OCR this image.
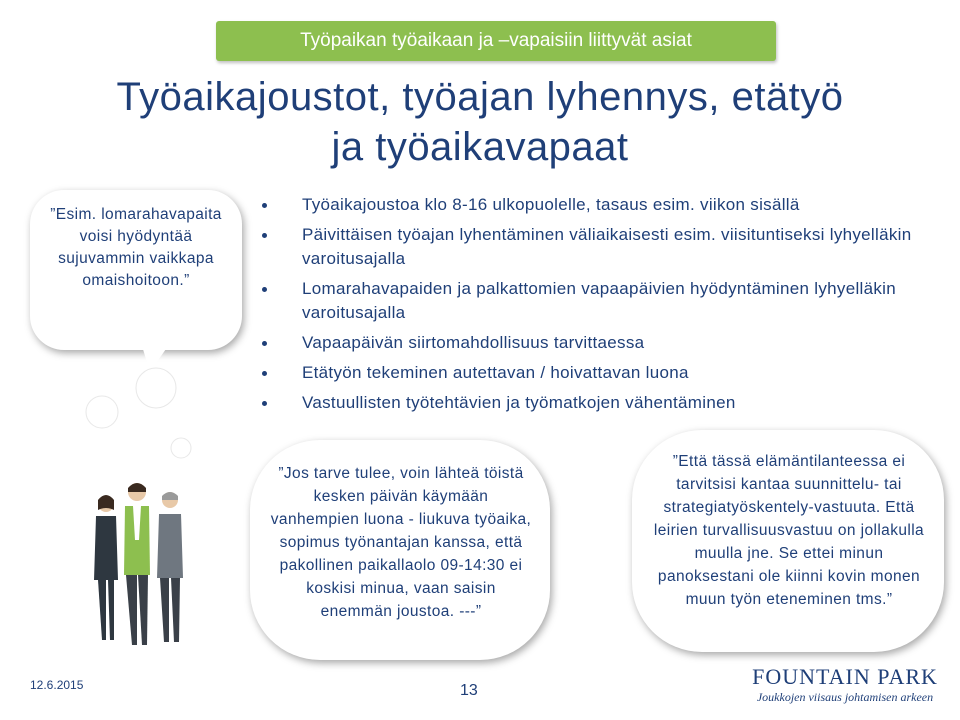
Työpaikan työaikaan ja –vapaisiin liittyvät asiat
Työaikajoustot, työajan lyhennys, etätyö
ja työaikavapaat
Työaikajoustoa klo 8-16 ulkopuolelle, tasaus esim. viikon sisällä
Päivittäisen työajan lyhentäminen väliaikaisesti esim. viisituntiseksi lyhyelläkin varoitusajalla
Lomarahavapaiden ja palkattomien vapaapäivien hyödyntäminen lyhyelläkin varoitusajalla
Vapaapäivän siirtomahdollisuus tarvittaessa
Etätyön tekeminen autettavan / hoivattavan luona
Vastuullisten työtehtävien ja työmatkojen vähentäminen
”Esim. lomarahavapaita voisi hyödyntää sujuvammin vaikkapa omaishoitoon.”
”Jos tarve tulee, voin lähteä töistä kesken päivän käymään vanhempien luona - liukuva työaika, sopimus työnantajan kanssa, että pakollinen paikallaolo 09-14:30 ei koskisi minua, vaan saisin enemmän joustoa. ---”
”Että tässä elämäntilanteessa ei tarvitsisi kantaa suunnittelu- tai strategiatyöskentely-vastuuta. Että leirien turvallisuusvastuu on jollakulla muulla jne. Se ettei minun panoksestani ole kiinni kovin monen muun työn eteneminen tms.”
12.6.2015	13
FOUNTAIN PARK
Joukkojen viisaus johtamisen arkeen
